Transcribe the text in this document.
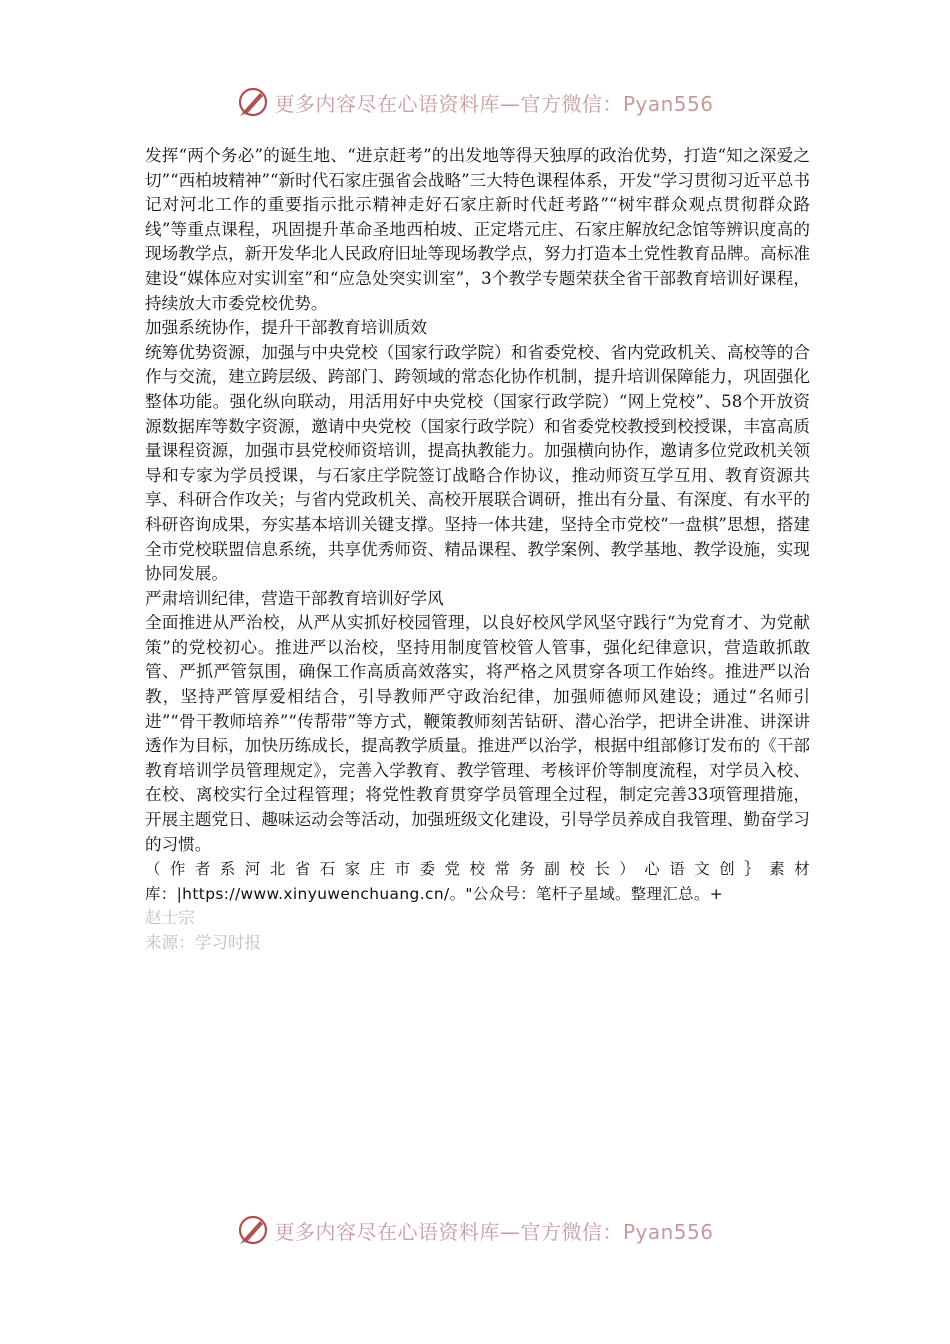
更多内容尽在心语资料库—官方微信：Pyan556

发挥“两个务必”的诞生地、“进京赶考”的出发地等得天独厚的政治优势，打造“知之深爱之切”“西柏坡精神”“新时代石家庄强省会战略”三大特色课程体系，开发“学习贯彻习近平总书记对河北工作的重要指示批示精神走好石家庄新时代赶考路”“树牢群众观点贯彻群众路线”等重点课程，巩固提升革命圣地西柏坡、正定塔元庄、石家庄解放纪念馆等辨识度高的现场教学点，新开发华北人民政府旧址等现场教学点，努力打造本土党性教育品牌。高标准建设“媒体应对实训室”和“应急处突实训室”，3个教学专题荣获全省干部教育培训好课程，持续放大市委党校优势。

加强系统协作，提升干部教育培训质效

统筹优势资源，加强与中央党校（国家行政学院）和省委党校、省内党政机关、高校等的合作与交流，建立跨层级、跨部门、跨领域的常态化协作机制，提升培训保障能力，巩固强化整体功能。强化纵向联动，用活用好中央党校（国家行政学院）“网上党校”、58个开放资源数据库等数字资源，邀请中央党校（国家行政学院）和省委党校教授到校授课，丰富高质量课程资源，加强市县党校师资培训，提高执教能力。加强横向协作，邀请多位党政机关领导和专家为学员授课，与石家庄学院签订战略合作协议，推动师资互学互用、教育资源共享、科研合作攻关；与省内党政机关、高校开展联合调研，推出有分量、有深度、有水平的科研咨询成果，夯实基本培训关键支撑。坚持一体共建，坚持全市党校“一盘棋”思想，搭建全市党校联盟信息系统，共享优秀师资、精品课程、教学案例、教学基地、教学设施，实现协同发展。

严肃培训纪律，营造干部教育培训好学风

全面推进从严治校，从严从实抓好校园管理，以良好校风学风坚守践行“为党育才、为党献策”的党校初心。推进严以治校，坚持用制度管校管人管事，强化纪律意识，营造敢抓敢管、严抓严管氛围，确保工作高质高效落实，将严格之风贯穿各项工作始终。推进严以治教，坚持严管厚爱相结合，引导教师严守政治纪律，加强师德师风建设；通过“名师引进”“骨干教师培养”“传帮带”等方式，鞭策教师刻苦钻研、潜心治学，把讲全讲准、讲深讲透作为目标，加快历练成长，提高教学质量。推进严以治学，根据中组部修订发布的《干部教育培训学员管理规定》，完善入学教育、教学管理、考核评价等制度流程，对学员入校、在校、离校实行全过程管理；将党性教育贯穿学员管理全过程，制定完善33项管理措施，开展主题党日、趣味运动会等活动，加强班级文化建设，引导学员养成自我管理、勤奋学习的习惯。

（作者系河北省石家庄市委党校常务副校长）心语文创｝素材库：|https://www.xinyuwenchuang.cn/。"公众号：笔杆子星域。整理汇总。+

赵士宗

来源：学习时报

更多内容尽在心语资料库—官方微信：Pyan556
